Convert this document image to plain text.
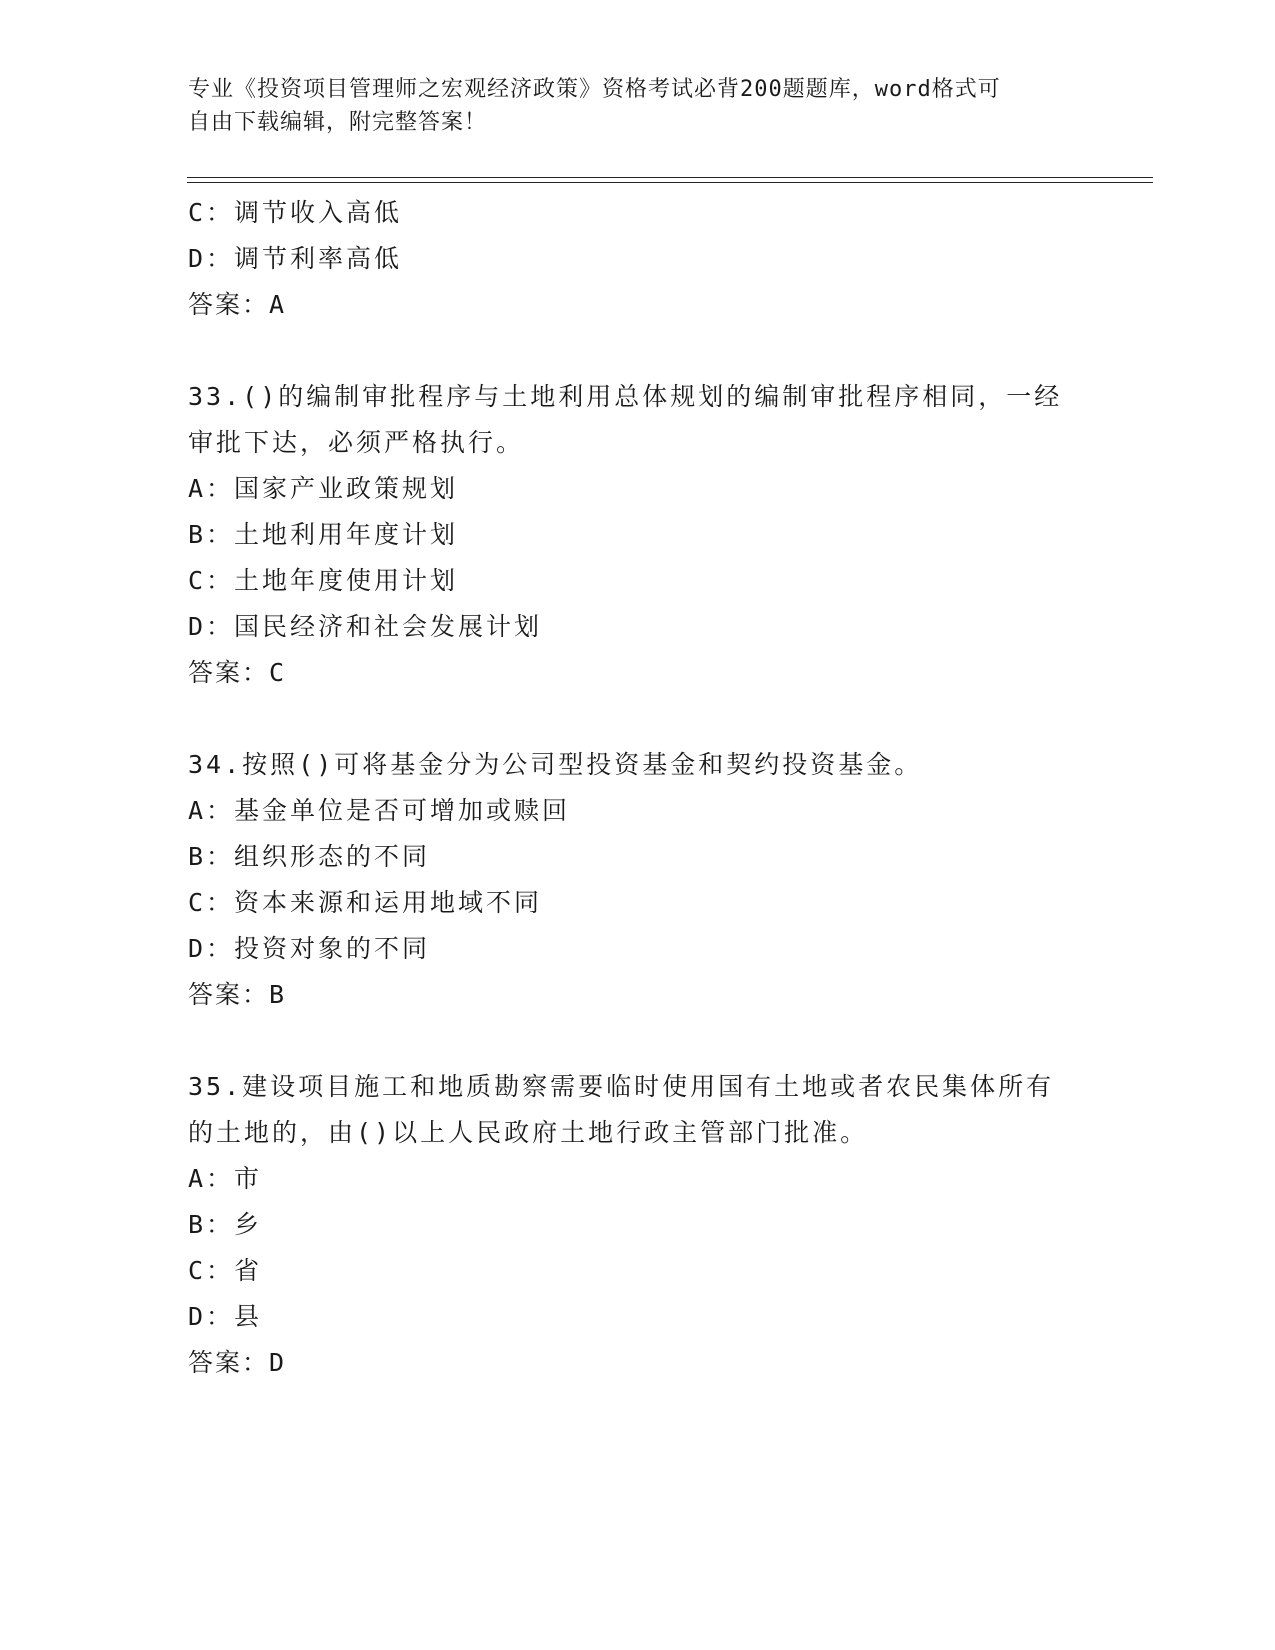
专业《投资项目管理师之宏观经济政策》资格考试必背200题题库，word格式可
自由下载编辑，附完整答案！
C：调节收入高低
D：调节利率高低
答案：A
33.()的编制审批程序与土地利用总体规划的编制审批程序相同，一经
审批下达，必须严格执行。
A：国家产业政策规划
B：土地利用年度计划
C：土地年度使用计划
D：国民经济和社会发展计划
答案：C
34.按照()可将基金分为公司型投资基金和契约投资基金。
A：基金单位是否可增加或赎回
B：组织形态的不同
C：资本来源和运用地域不同
D：投资对象的不同
答案：B
35.建设项目施工和地质勘察需要临时使用国有土地或者农民集体所有
的土地的，由()以上人民政府土地行政主管部门批准。
A：市
B：乡
C：省
D：县
答案：D
